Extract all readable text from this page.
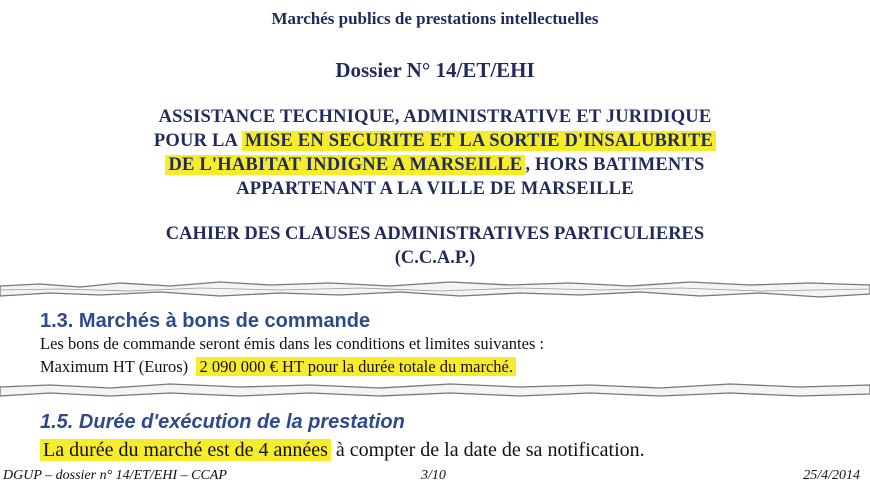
Marchés publics de prestations intellectuelles
Dossier N° 14/ET/EHI
ASSISTANCE TECHNIQUE, ADMINISTRATIVE ET JURIDIQUE
POUR LA MISE EN SECURITE ET LA SORTIE D'INSALUBRITE
DE L'HABITAT INDIGNE A MARSEILLE , HORS BATIMENTS
APPARTENANT A LA VILLE DE MARSEILLE
CAHIER DES CLAUSES ADMINISTRATIVES PARTICULIERES
(C.C.A.P.)
1.3. Marchés à bons de commande
Les bons de commande seront émis dans les conditions et limites suivantes :
Maximum HT (Euros) 2 090 000 € HT pour la durée totale du marché.
1.5. Durée d'exécution de la prestation
La durée du marché est de 4 années à compter de la date de sa notification.
DGUP – dossier n° 14/ET/EHI – CCAP	3/10	25/4/2014
